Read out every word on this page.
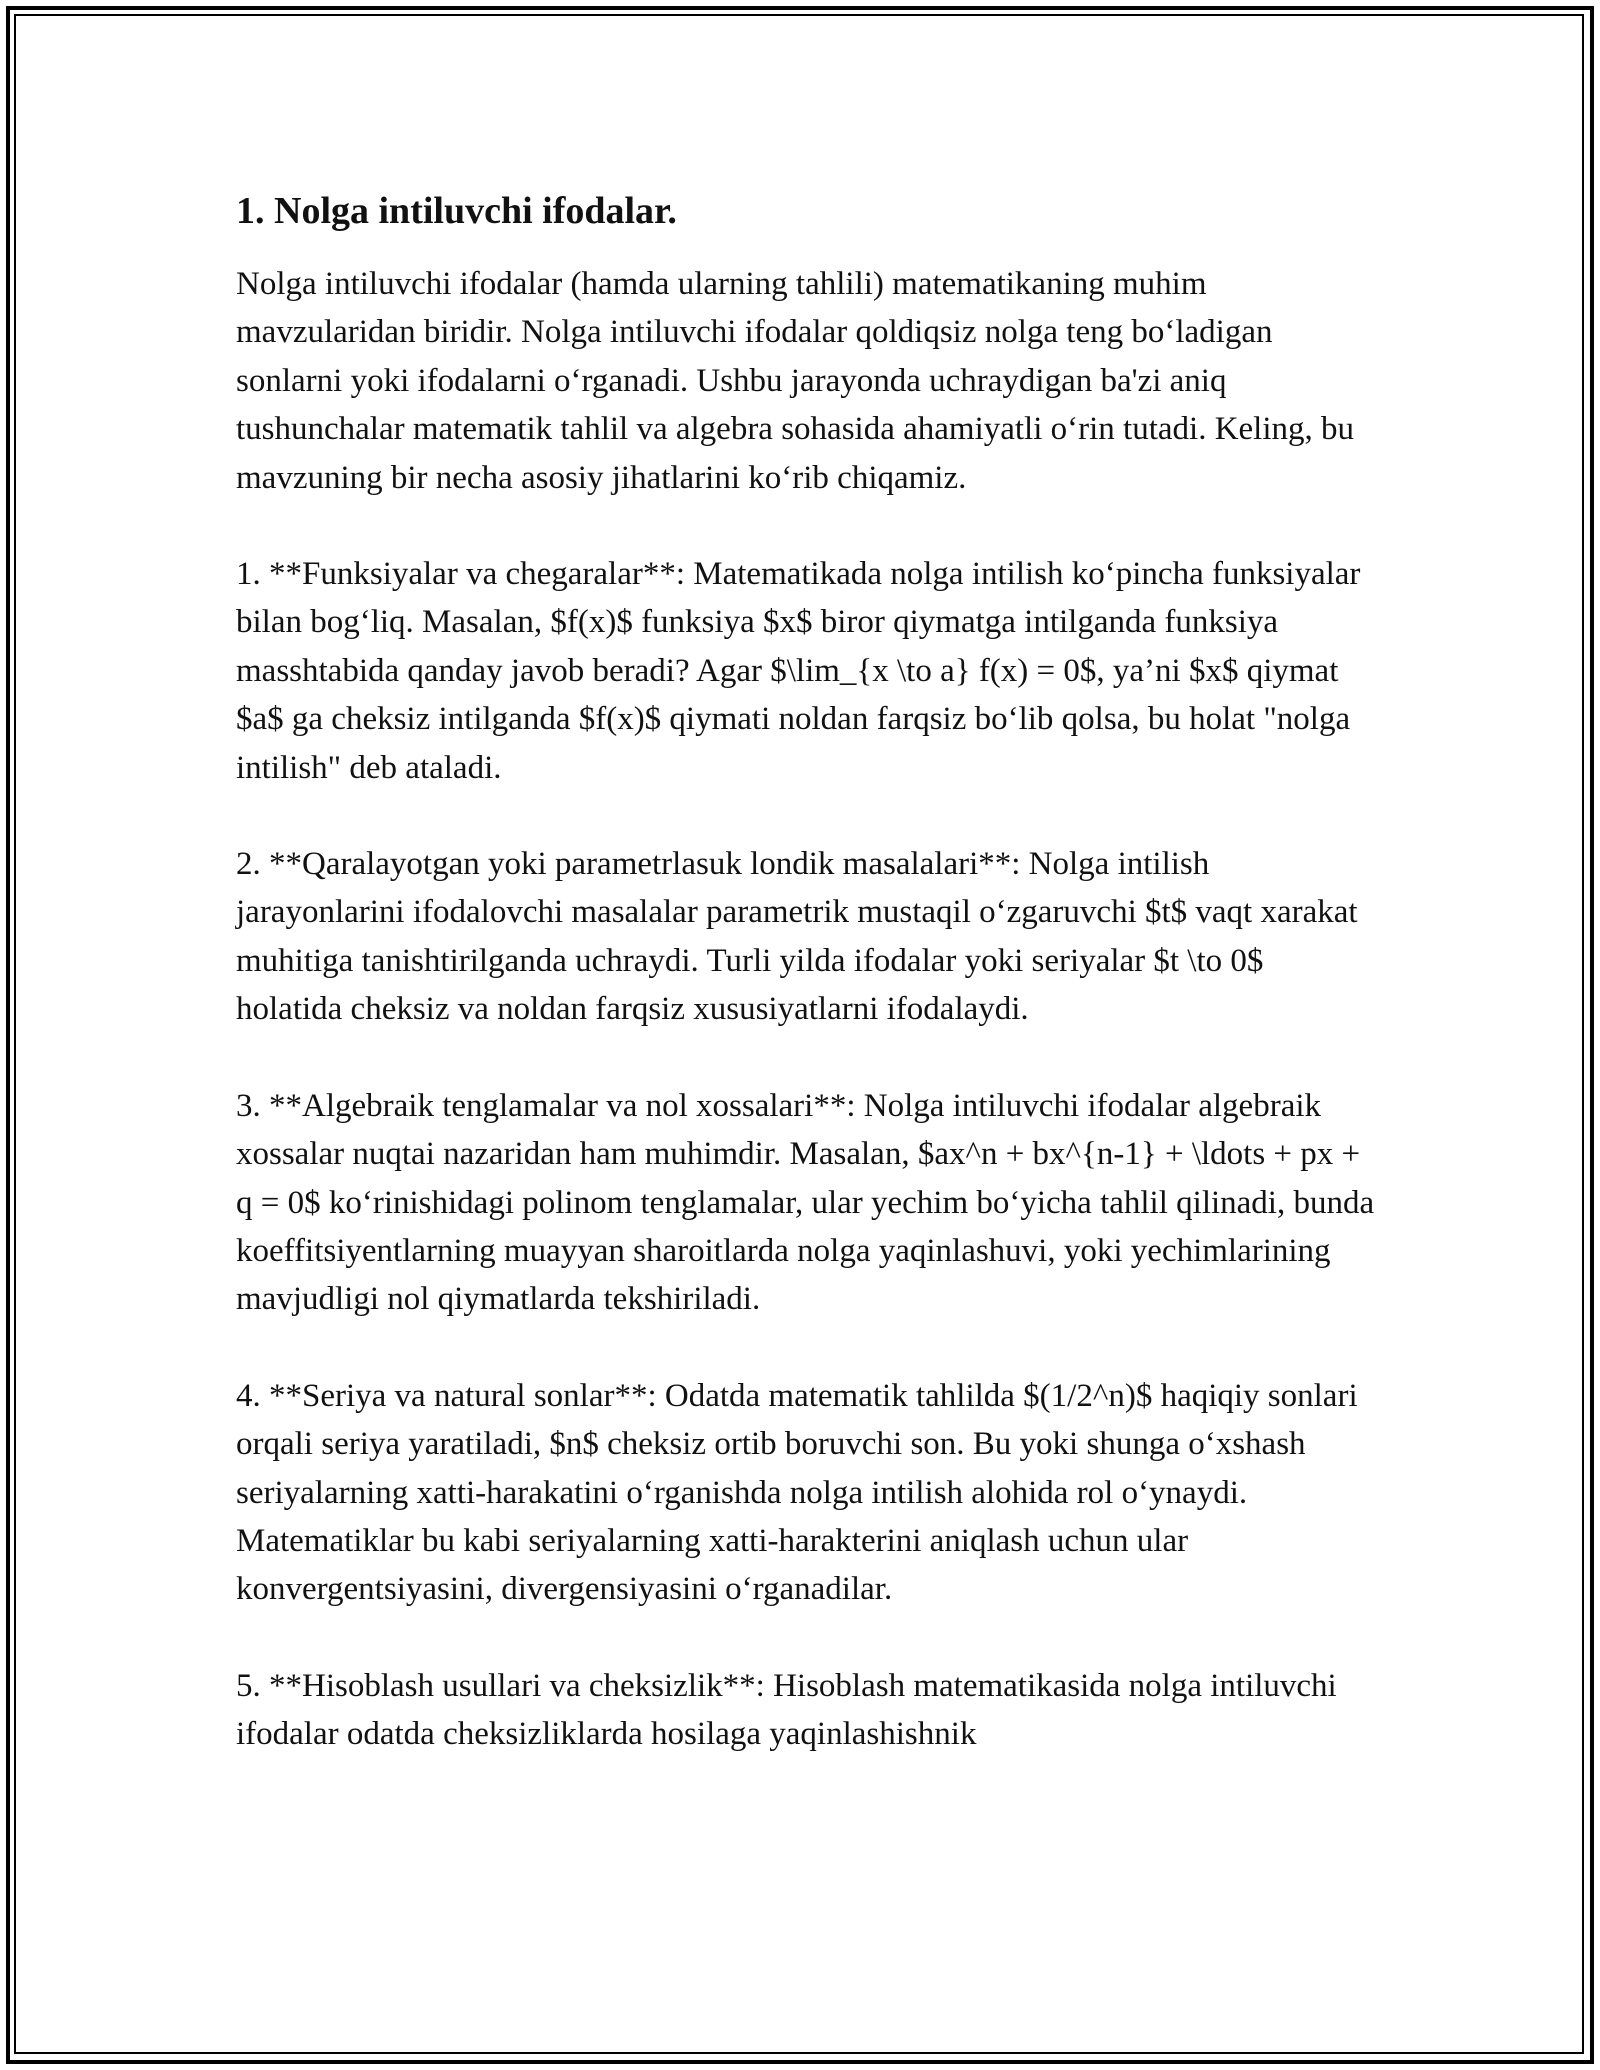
1. Nolga intiluvchi ifodalar.

Nolga intiluvchi ifodalar (hamda ularning tahlili) matematikaning muhim mavzularidan biridir. Nolga intiluvchi ifodalar qoldiqsiz nolga teng bo‘ladigan sonlarni yoki ifodalarni o‘rganadi. Ushbu jarayonda uchraydigan ba'zi aniq tushunchalar matematik tahlil va algebra sohasida ahamiyatli o‘rin tutadi. Keling, bu mavzuning bir necha asosiy jihatlarini ko‘rib chiqamiz.

1. **Funksiyalar va chegaralar**: Matematikada nolga intilish ko‘pincha funksiyalar bilan bog‘liq. Masalan, $f(x)$ funksiya $x$ biror qiymatga intilganda funksiya masshtabida qanday javob beradi? Agar $\lim_{x \to a} f(x) = 0$, ya’ni $x$ qiymat $a$ ga cheksiz intilganda $f(x)$ qiymati noldan farqsiz bo‘lib qolsa, bu holat "nolga intilish" deb ataladi.

2. **Qaralayotgan yoki parametrlasuk londik masalalari**: Nolga intilish jarayonlarini ifodalovchi masalalar parametrik mustaqil o‘zgaruvchi $t$ vaqt xarakat muhitiga tanishtirilganda uchraydi. Turli yilda ifodalar yoki seriyalar $t \to 0$ holatida cheksiz va noldan farqsiz xususiyatlarni ifodalaydi.

3. **Algebraik tenglamalar va nol xossalari**: Nolga intiluvchi ifodalar algebraik xossalar nuqtai nazaridan ham muhimdir. Masalan, $ax^n + bx^{n-1} + \ldots + px + q = 0$ ko‘rinishidagi polinom tenglamalar, ular yechim bo‘yicha tahlil qilinadi, bunda koeffitsiyentlarning muayyan sharoitlarda nolga yaqinlashuvi, yoki yechimlarining mavjudligi nol qiymatlarda tekshiriladi.

4. **Seriya va natural sonlar**: Odatda matematik tahlilda $(1/2^n)$ haqiqiy sonlari orqali seriya yaratiladi, $n$ cheksiz ortib boruvchi son. Bu yoki shunga o‘xshash seriyalarning xatti-harakatini o‘rganishda nolga intilish alohida rol o‘ynaydi. Matematiklar bu kabi seriyalarning xatti-harakterini aniqlash uchun ular konvergentsiyasini, divergensiyasini o‘rganadilar.

5. **Hisoblash usullari va cheksizlik**: Hisoblash matematikasida nolga intiluvchi ifodalar odatda cheksizliklarda hosilaga yaqinlashishnik
